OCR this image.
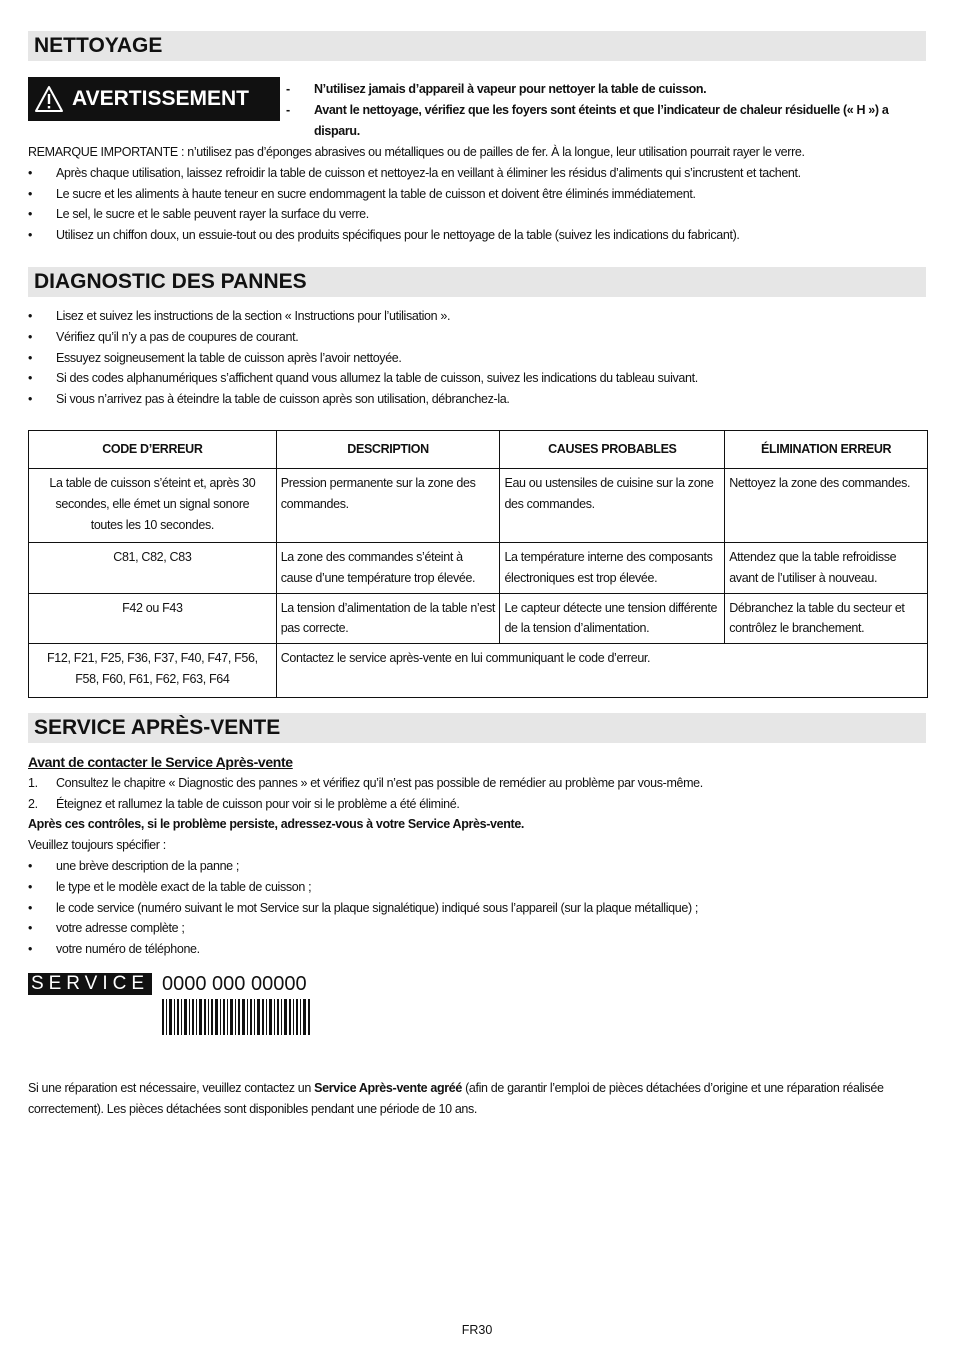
NETTOYAGE
AVERTISSEMENT	- N’utilisez jamais d’appareil à vapeur pour nettoyer la table de cuisson.
- Avant le nettoyage, vérifiez que les foyers sont éteints et que l’indicateur de chaleur résiduelle (« H ») a disparu.
REMARQUE IMPORTANTE : n’utilisez pas d’éponges abrasives ou métalliques ou de pailles de fer. À la longue, leur utilisation pourrait rayer le verre.
• Après chaque utilisation, laissez refroidir la table de cuisson et nettoyez-la en veillant à éliminer les résidus d’aliments qui s’incrustent et tachent.
• Le sucre et les aliments à haute teneur en sucre endommagent la table de cuisson et doivent être éliminés immédiatement.
• Le sel, le sucre et le sable peuvent rayer la surface du verre.
• Utilisez un chiffon doux, un essuie-tout ou des produits spécifiques pour le nettoyage de la table (suivez les indications du fabricant).
DIAGNOSTIC DES PANNES
• Lisez et suivez les instructions de la section « Instructions pour l’utilisation ».
• Vérifiez qu’il n’y a pas de coupures de courant.
• Essuyez soigneusement la table de cuisson après l’avoir nettoyée.
• Si des codes alphanumériques s’affichent quand vous allumez la table de cuisson, suivez les indications du tableau suivant.
• Si vous n’arrivez pas à éteindre la table de cuisson après son utilisation, débranchez-la.
CODE D’ERREUR	DESCRIPTION	CAUSES PROBABLES	ÉLIMINATION ERREUR
La table de cuisson s’éteint et, après 30 secondes, elle émet un signal sonore toutes les 10 secondes.	Pression permanente sur la zone des commandes.	Eau ou ustensiles de cuisine sur la zone des commandes.	Nettoyez la zone des commandes.
C81, C82, C83	La zone des commandes s’éteint à cause d’une température trop élevée.	La température interne des composants électroniques est trop élevée.	Attendez que la table refroidisse avant de l’utiliser à nouveau.
F42 ou F43	La tension d’alimentation de la table n’est pas correcte.	Le capteur détecte une tension différente de la tension d’alimentation.	Débranchez la table du secteur et contrôlez le branchement.
F12, F21, F25, F36, F37, F40, F47, F56, F58, F60, F61, F62, F63, F64	Contactez le service après-vente en lui communiquant le code d’erreur.		
SERVICE APRÈS-VENTE
Avant de contacter le Service Après-vente
1. Consultez le chapitre « Diagnostic des pannes » et vérifiez qu’il n’est pas possible de remédier au problème par vous-même.
2. Éteignez et rallumez la table de cuisson pour voir si le problème a été éliminé.
Après ces contrôles, si le problème persiste, adressez-vous à votre Service Après-vente.
Veuillez toujours spécifier :
• une brève description de la panne ;
• le type et le modèle exact de la table de cuisson ;
• le code service (numéro suivant le mot Service sur la plaque signalétique) indiqué sous l’appareil (sur la plaque métallique) ;
• votre adresse complète ;
• votre numéro de téléphone.
SERVICE 0000 000 00000
Si une réparation est nécessaire, veuillez contactez un Service Après-vente agréé (afin de garantir l’emploi de pièces détachées d’origine et une réparation réalisée correctement). Les pièces détachées sont disponibles pendant une période de 10 ans.
FR30
